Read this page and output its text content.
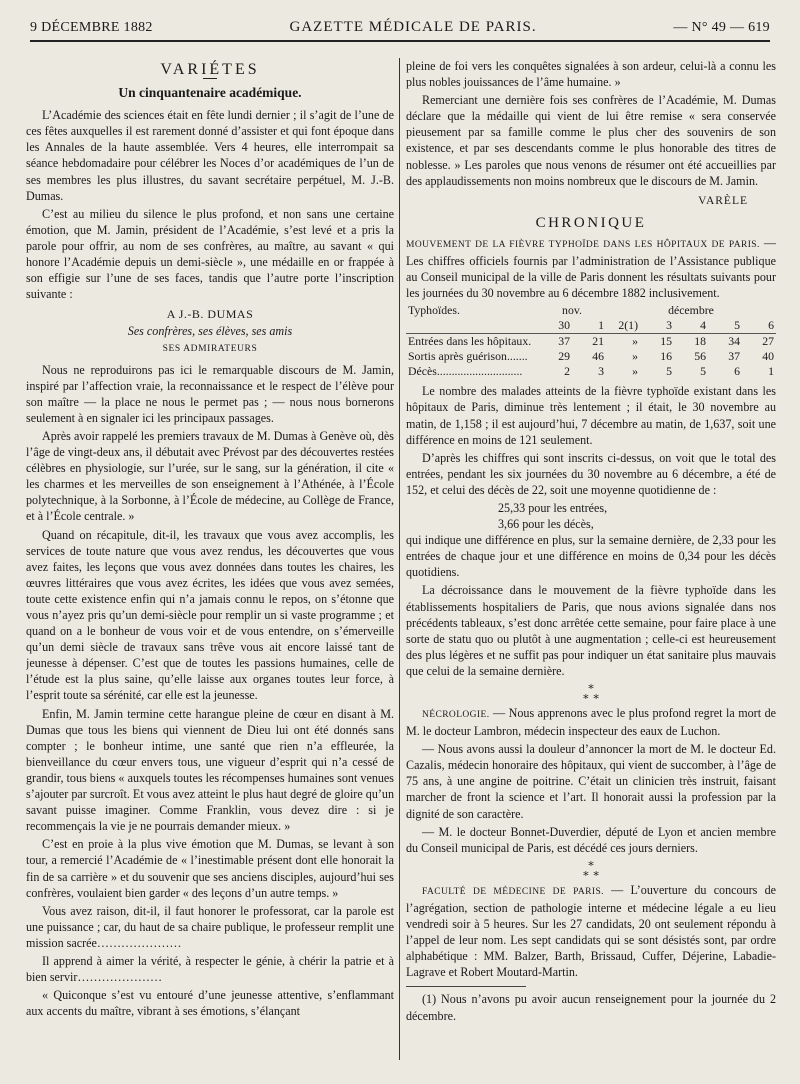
9 DÉCEMBRE 1882	GAZETTE MÉDICALE DE PARIS.	— N° 49 — 619
VARIÉTES
Un cinquantenaire académique.

L’Académie des sciences était en fête lundi dernier ; il s’agit de l’une de ces fêtes auxquelles il est rarement donné d’assister et qui font époque dans les Annales de la haute assemblée. Vers 4 heures, elle interrompait sa séance hebdomadaire pour célébrer les Noces d’or académiques de l’un de ses membres les plus illustres, du savant secrétaire perpétuel, M. J.-B. Dumas.

C’est au milieu du silence le plus profond, et non sans une certaine émotion, que M. Jamin, président de l’Académie, s’est levé et a pris la parole pour offrir, au nom de ses confrères, au maître, au savant « qui honore l’Académie depuis un demi-siècle », une médaille en or frappée à son effigie sur l’une de ses faces, tandis que l’autre porte l’inscription suivante :

A J.-B. DUMAS
Ses confrères, ses élèves, ses amis
SES ADMIRATEURS

Nous ne reproduirons pas ici le remarquable discours de M. Jamin, inspiré par l’affection vraie, la reconnaissance et le respect de l’élève pour son maître — la place ne nous le permet pas ; — nous nous bornerons seulement à en signaler ici les principaux passages.

Après avoir rappelé les premiers travaux de M. Dumas à Genève où, dès l’âge de vingt-deux ans, il débutait avec Prévost par des découvertes restées célèbres en physiologie, sur l’urée, sur le sang, sur la génération, il cite « les charmes et les merveilles de son enseignement à l’Athénée, à l’École polytechnique, à la Sorbonne, à l’École de médecine, au Collège de France, et à l’École centrale. »

Quand on récapitule, dit-il, les travaux que vous avez accomplis, les services de toute nature que vous avez rendus, les découvertes que vous avez faites, les leçons que vous avez données dans toutes les chaires, les œuvres littéraires que vous avez écrites, les idées que vous avez semées, toute cette existence enfin qui n’a jamais connu le repos, on s’étonne que vous n’ayez pris qu’un demi-siècle pour remplir un si vaste programme ; et quand on a le bonheur de vous voir et de vous entendre, on s’émerveille qu’un demi siècle de travaux sans trêve vous ait encore laissé tant de jeunesse à dépenser. C’est que de toutes les passions humaines, celle de l’étude est la plus saine, qu’elle laisse aux organes toutes leur force, à l’esprit toute sa sérénité, car elle est la jeunesse.

Enfin, M. Jamin termine cette harangue pleine de cœur en disant à M. Dumas que tous les biens qui viennent de Dieu lui ont été donnés sans compter ; le bonheur intime, une santé que rien n’a effleurée, la bienveillance du cœur envers tous, une vigueur d’esprit qui n’a cessé de grandir, tous biens « auxquels toutes les récompenses humaines sont venues s’ajouter par surcroît. Et vous avez atteint le plus haut degré de gloire qu’un savant puisse imaginer. Comme Franklin, vous devez dire : si je recommençais la vie je ne pourrais demander mieux. »

C’est en proie à la plus vive émotion que M. Dumas, se levant à son tour, a remercié l’Académie de « l’inestimable présent dont elle honorait la fin de sa carrière » et du souvenir que ses anciens disciples, aujourd’hui ses confrères, voulaient bien garder « des leçons d’un autre temps. »

Vous avez raison, dit-il, il faut honorer le professorat, car la parole est une puissance ; car, du haut de sa chaire publique, le professeur remplit une mission sacrée…………………

Il apprend à aimer la vérité, à respecter le génie, à chérir la patrie et à bien servir…………………

« Quiconque s’est vu entouré d’une jeunesse attentive, s’enflammant aux accents du maître, vibrant à ses émotions, s’élançant

pleine de foi vers les conquêtes signalées à son ardeur, celui-là a connu les plus nobles jouissances de l’âme humaine. »

Remerciant une dernière fois ses confrères de l’Académie, M. Dumas déclare que la médaille qui vient de lui être remise « sera conservée pieusement par sa famille comme le plus cher des souvenirs de son existence, et par ses descendants comme le plus honorable des titres de noblesse. » Les paroles que nous venons de résumer ont été accueillies par des applaudissements non moins nombreux que le discours de M. Jamin.

VARÈLE
CHRONIQUE

MOUVEMENT DE LA FIÈVRE TYPHOÏDE DANS LES HÔPITAUX DE PARIS. — Les chiffres officiels fournis par l’administration de l’Assistance publique au Conseil municipal de la ville de Paris donnent les résultats suivants pour les journées du 30 novembre au 6 décembre 1882 inclusivement.

Typhoïdes.	nov.		décembre				
	30	1	2(1)	3	4	5	6
Entrées dans les hôpitaux.	37	21	»	15	18	34	27
Sortis après guérison.......	29	46	»	16	56	37	40
Décès.............................	2	3	»	5	5	6	1

Le nombre des malades atteints de la fièvre typhoïde existant dans les hôpitaux de Paris, diminue très lentement ; il était, le 30 novembre au matin, de 1,158 ; il est aujourd’hui, 7 décembre au matin, de 1,637, soit une différence en moins de 121 seulement.

D’après les chiffres qui sont inscrits ci-dessus, on voit que le total des entrées, pendant les six journées du 30 novembre au 6 décembre, a été de 152, et celui des décès de 22, soit une moyenne quotidienne de :

25,33 pour les entrées,
3,66 pour les décès,

qui indique une différence en plus, sur la semaine dernière, de 2,33 pour les entrées de chaque jour et une différence en moins de 0,34 pour les décès quotidiens.

La décroissance dans le mouvement de la fièvre typhoïde dans les établissements hospitaliers de Paris, que nous avions signalée dans nos précédents tableaux, s’est donc arrêtée cette semaine, pour faire place à une sorte de statu quo ou plutôt à une augmentation ; celle-ci est heureusement des plus légères et ne suffit pas pour indiquer un état sanitaire plus mauvais que celui de la semaine dernière.

∗
∗ ∗

NÉCROLOGIE. — Nous apprenons avec le plus profond regret la mort de M. le docteur Lambron, médecin inspecteur des eaux de Luchon.

— Nous avons aussi la douleur d’annoncer la mort de M. le docteur Ed. Cazalis, médecin honoraire des hôpitaux, qui vient de succomber, à l’âge de 75 ans, à une angine de poitrine. C’était un clinicien très instruit, faisant marcher de front la science et l’art. Il honorait aussi la profession par la dignité de son caractère.

— M. le docteur Bonnet-Duverdier, député de Lyon et ancien membre du Conseil municipal de Paris, est décédé ces jours derniers.

∗
∗ ∗

FACULTÉ DE MÉDECINE DE PARIS. — L’ouverture du concours de l’agrégation, section de pathologie interne et médecine légale a eu lieu vendredi soir à 5 heures. Sur les 27 candidats, 20 ont seulement répondu à l’appel de leur nom. Les sept candidats qui se sont désistés sont, par ordre alphabétique : MM. Balzer, Barth, Brissaud, Cuffer, Déjerine, Labadie-Lagrave et Robert Moutard-Martin.

(1) Nous n’avons pu avoir aucun renseignement pour la journée du 2 décembre.
